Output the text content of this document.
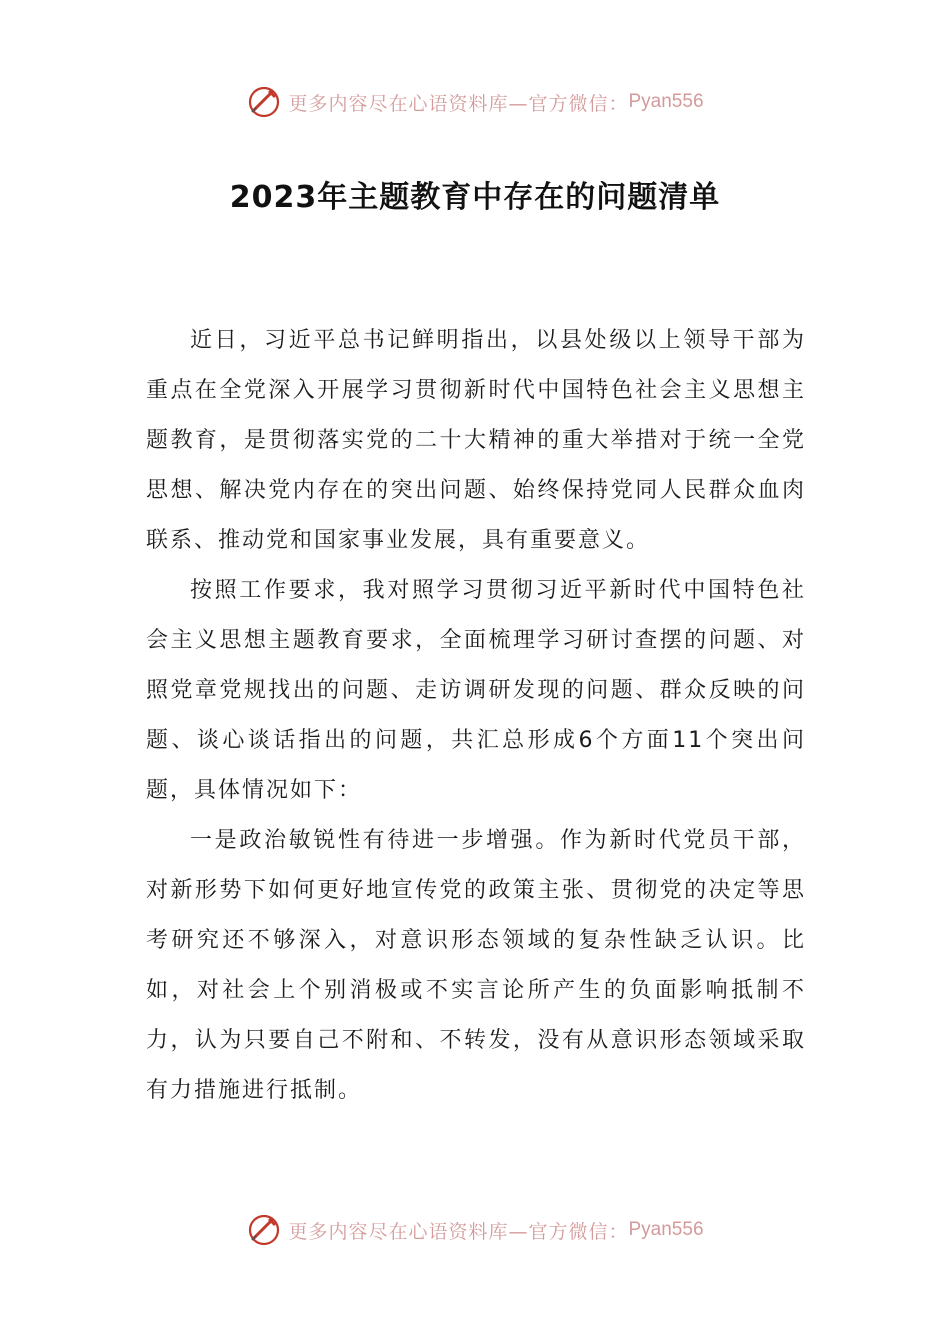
更多内容尽在心语资料库—官方微信： Pyan556
2023年主题教育中存在的问题清单

近日，习近平总书记鲜明指出，以县处级以上领导干部为重点在全党深入开展学习贯彻新时代中国特色社会主义思想主题教育，是贯彻落实党的二十大精神的重大举措对于统一全党思想、解决党内存在的突出问题、始终保持党同人民群众血肉联系、推动党和国家事业发展，具有重要意义。

按照工作要求，我对照学习贯彻习近平新时代中国特色社会主义思想主题教育要求，全面梳理学习研讨查摆的问题、对照党章党规找出的问题、走访调研发现的问题、群众反映的问题、谈心谈话指出的问题，共汇总形成6个方面11个突出问题，具体情况如下：

一是政治敏锐性有待进一步增强。作为新时代党员干部，对新形势下如何更好地宣传党的政策主张、贯彻党的决定等思考研究还不够深入，对意识形态领域的复杂性缺乏认识。比如，对社会上个别消极或不实言论所产生的负面影响抵制不力，认为只要自己不附和、不转发，没有从意识形态领域采取有力措施进行抵制。

更多内容尽在心语资料库—官方微信： Pyan556
